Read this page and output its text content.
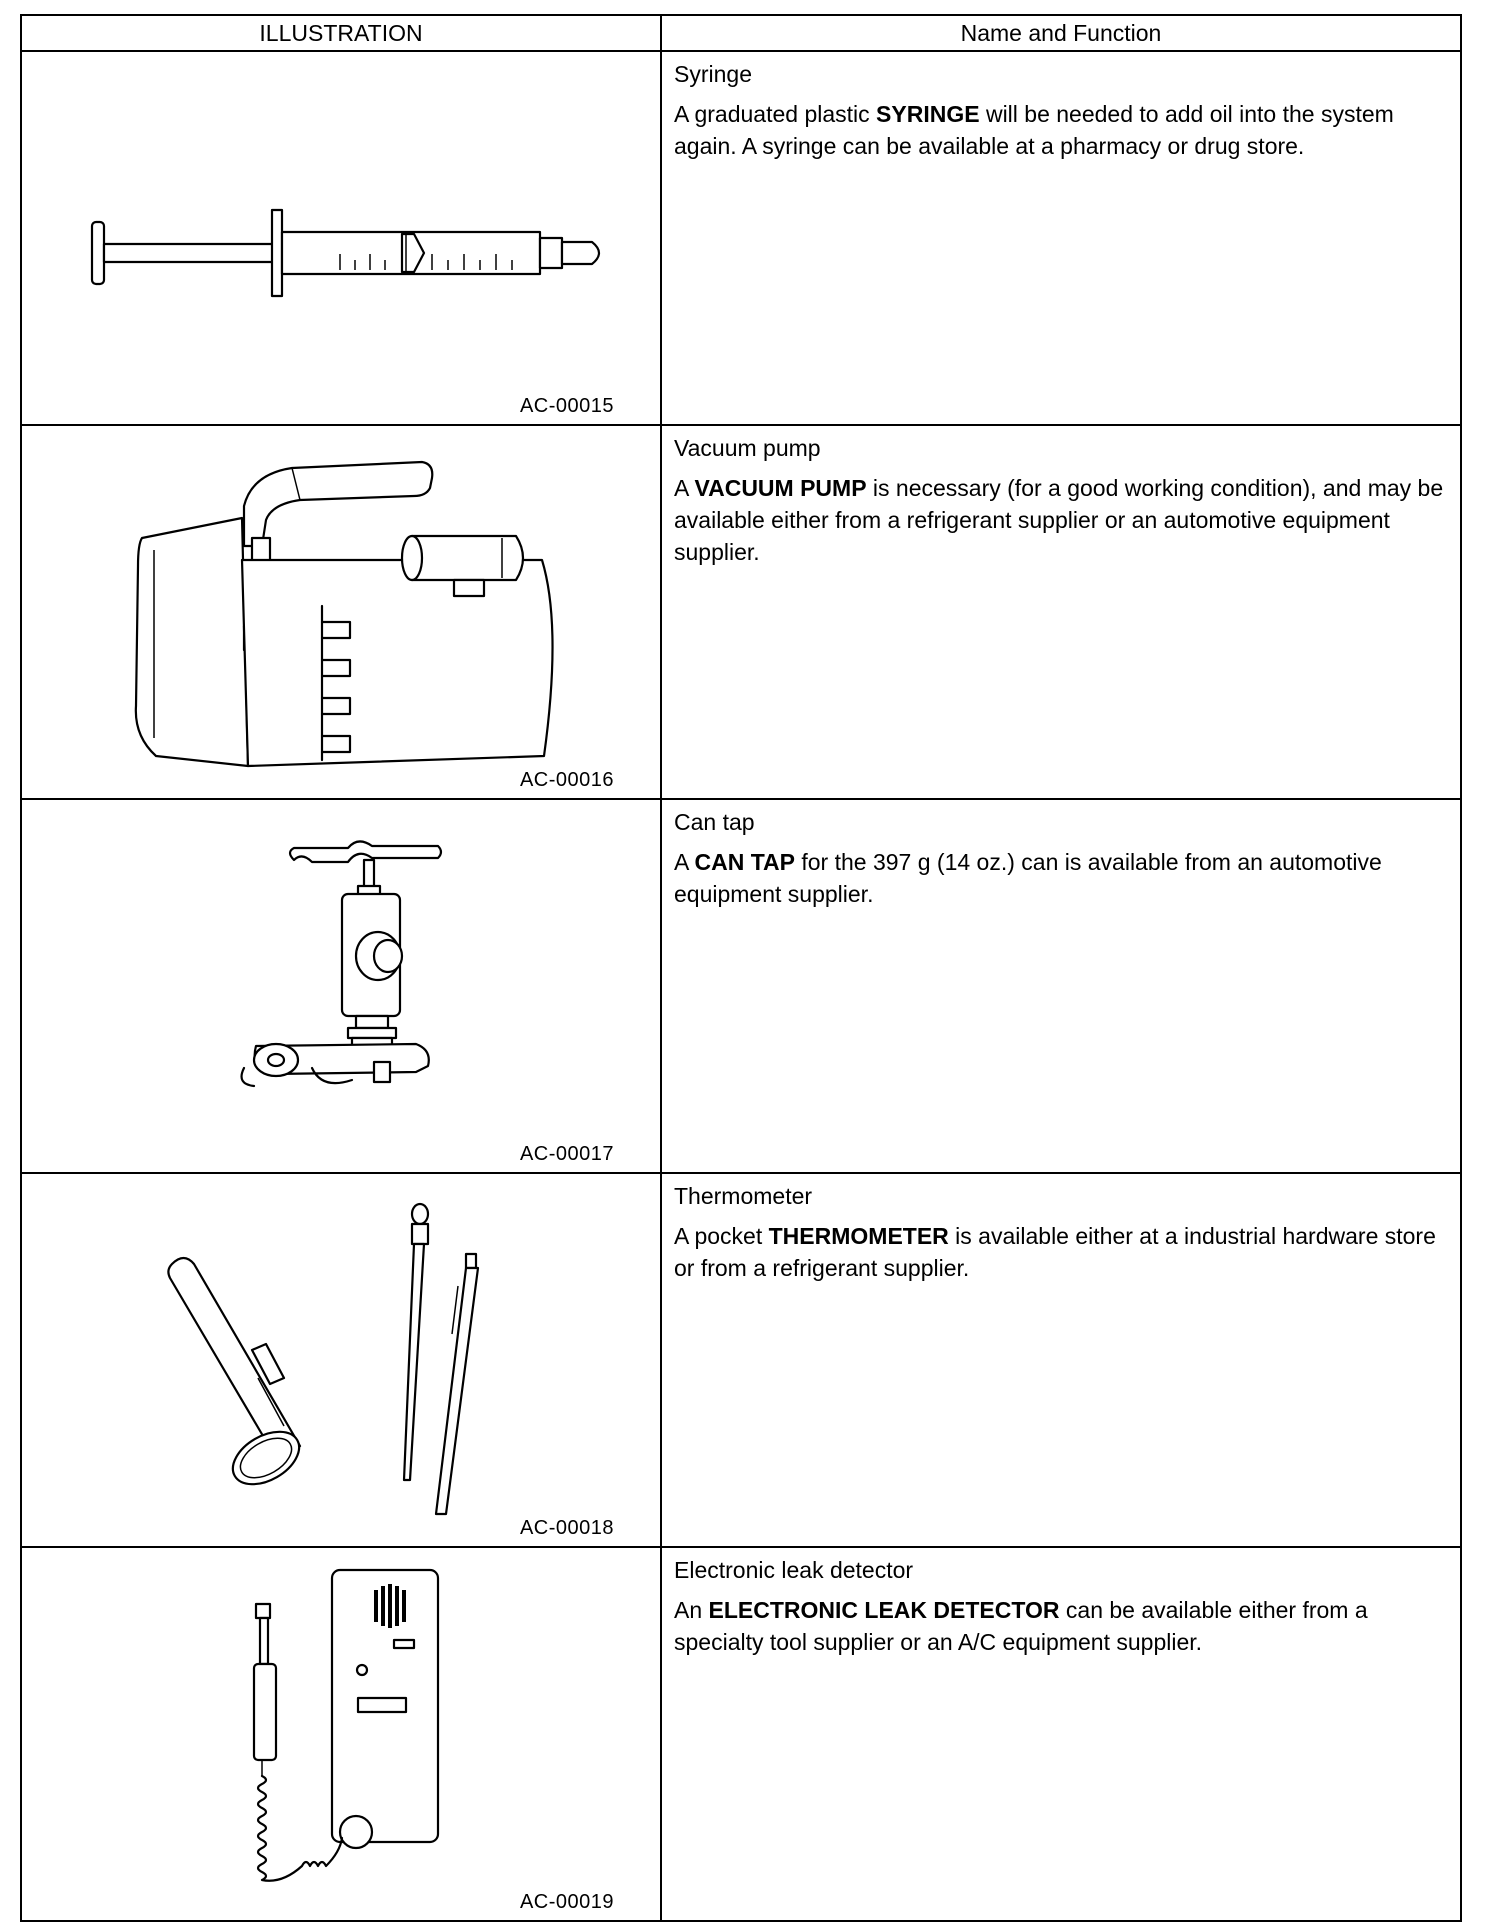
ILLUSTRATION	Name and Function

AC-00015	Syringe

A graduated plastic SYRINGE will be needed to add oil into the system again. A syringe can be available at a pharmacy or drug store.

AC-00016	Vacuum pump

A VACUUM PUMP is necessary (for a good working condition), and may be available either from a refrigerant supplier or an automotive equipment supplier.

AC-00017	Can tap

A CAN TAP for the 397 g (14 oz.) can is available from an automotive equipment supplier.

AC-00018	Thermometer

A pocket THERMOMETER is available either at a industrial hardware store or from a refrigerant supplier.

AC-00019	Electronic leak detector

An ELECTRONIC LEAK DETECTOR can be available either from a specialty tool supplier or an A/C equipment supplier.
